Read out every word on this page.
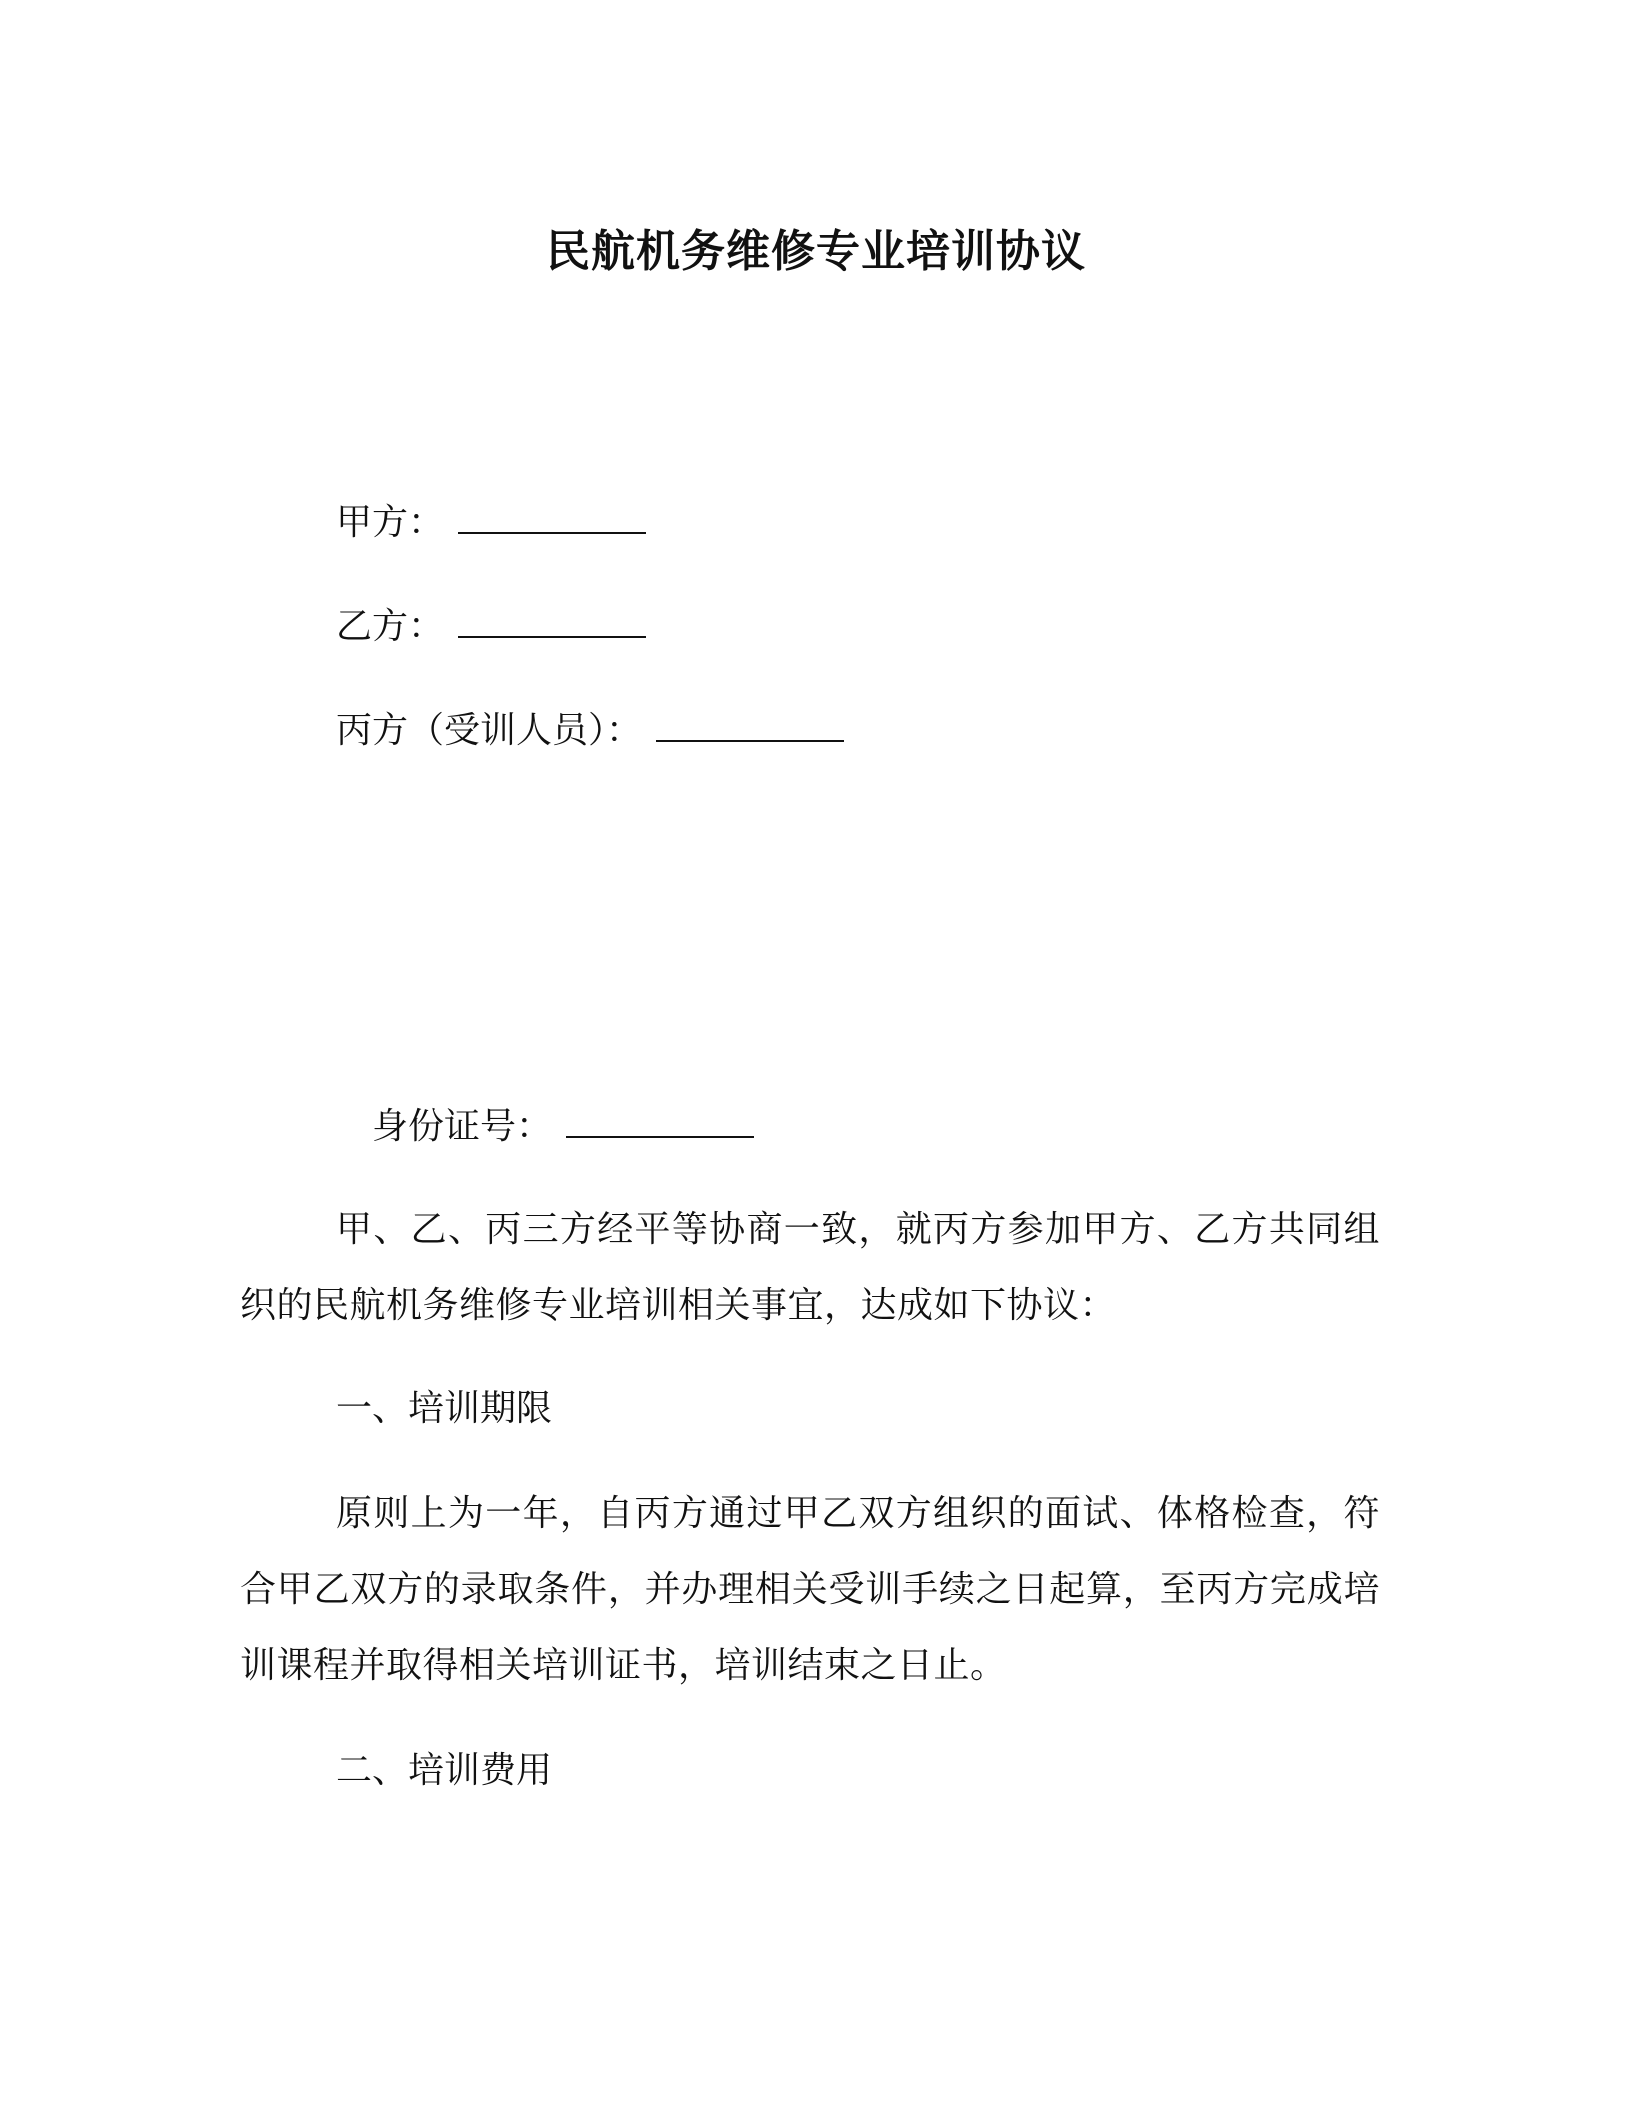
民航机务维修专业培训协议
甲方：
乙方：
丙方（受训人员）：
身份证号：
甲、乙、丙三方经平等协商一致，就丙方参加甲方、乙方共同组织的民航机务维修专业培训相关事宜，达成如下协议：
一、培训期限
原则上为一年，自丙方通过甲乙双方组织的面试、体格检查，符合甲乙双方的录取条件，并办理相关受训手续之日起算，至丙方完成培训课程并取得相关培训证书，培训结束之日止。
二、培训费用
